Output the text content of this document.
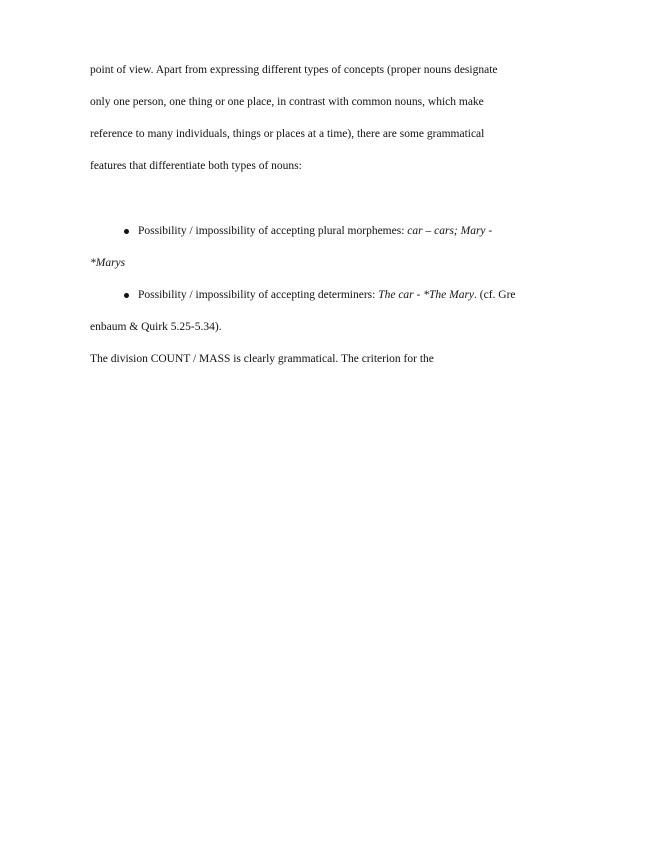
point of view. Apart from expressing different types of concepts (proper nouns designate
only one person, one thing or one place, in contrast with common nouns, which make
reference to many individuals, things or places at a time), there are some grammatical
features that differentiate both types of nouns:
Possibility / impossibility of accepting plural morphemes: car – cars; Mary -
*Marys
Possibility / impossibility of accepting determiners: The car - *The Mary. (cf. Gre
enbaum & Quirk 5.25-5.34).
The division COUNT / MASS is clearly grammatical. The criterion for the
